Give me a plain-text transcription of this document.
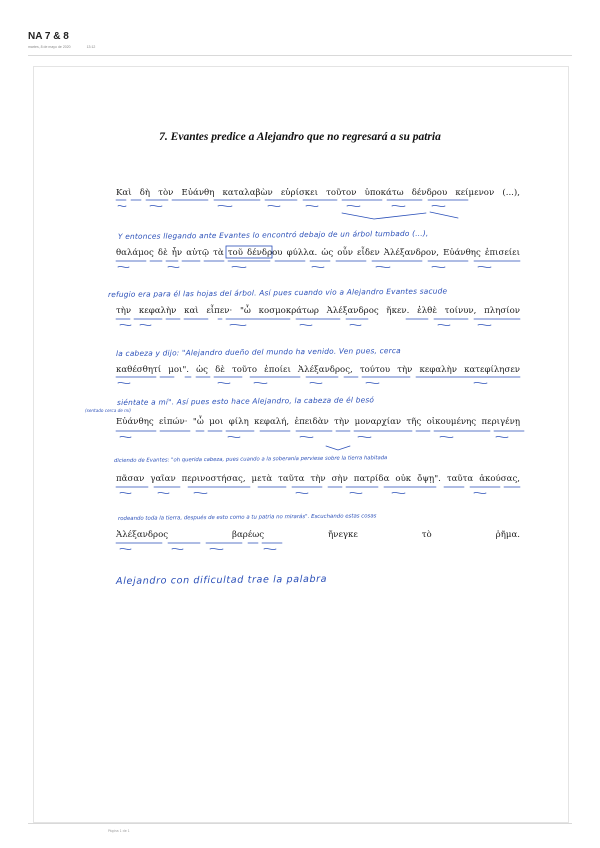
NA 7 & 8
martes, 8 de mayo de 2020	13:12
7. Evantes predice a Alejandro que no regresará a su patria

Καὶ δὴ τὸν Εὐάνθη καταλαβὼν εὑρίσκει τοῦτον ὑποκάτω δένδρου κείμενον (...),

θαλάμος δὲ ἦν αὐτῷ τὰ τοῦ δένδρου φύλλα. ὡς οὖν εἶδεν Ἀλέξανδρον, Εὐάνθης ἐπισείει

τὴν κεφαλὴν καὶ εἶπεν· "ὦ κοσμοκράτωρ Ἀλέξανδρος ἥκεν. ἐλθὲ τοίνυν, πλησίον

καθέσθητί μοι". ὡς δὲ τοῦτο ἐποίει Ἀλέξανδρος, τούτου τὴν κεφαλὴν κατεφίλησεν

Εὐάνθης εἰπών· "ὦ μοι φίλη κεφαλή, ἐπειδὰν τὴν μοναρχίαν τῆς οἰκουμένης περιγένῃ

πᾶσαν γαῖαν περινοστήσας, μετὰ ταῦτα τὴν σὴν πατρίδα οὐκ ὄψῃ". ταῦτα ἀκούσας,

Ἀλέξανδρος βαρέως ἤνεγκε τὸ ῥῆμα.

Y entonces llegando ante Evantes lo encontró debajo de un árbol tumbado (...),

refugio era para él las hojas del árbol. Así pues cuando vio a Alejandro Evantes sacude

la cabeza y dijo: "Alejandro dueño del mundo ha venido. Ven pues, cerca

siéntate a mí". Así pues esto hace Alejandro, la cabeza de él besó

diciendo de Evantes: "oh querida cabeza, pues cuando a la soberanía perviese sobre la tierra habitada

rodeando toda la tierra, después de esto como a tu patria no mirarás". Escuchando estas cosas

Alejandro con dificultad trae la palabra

(sentado cerca de mí)
Página 1 de 1
